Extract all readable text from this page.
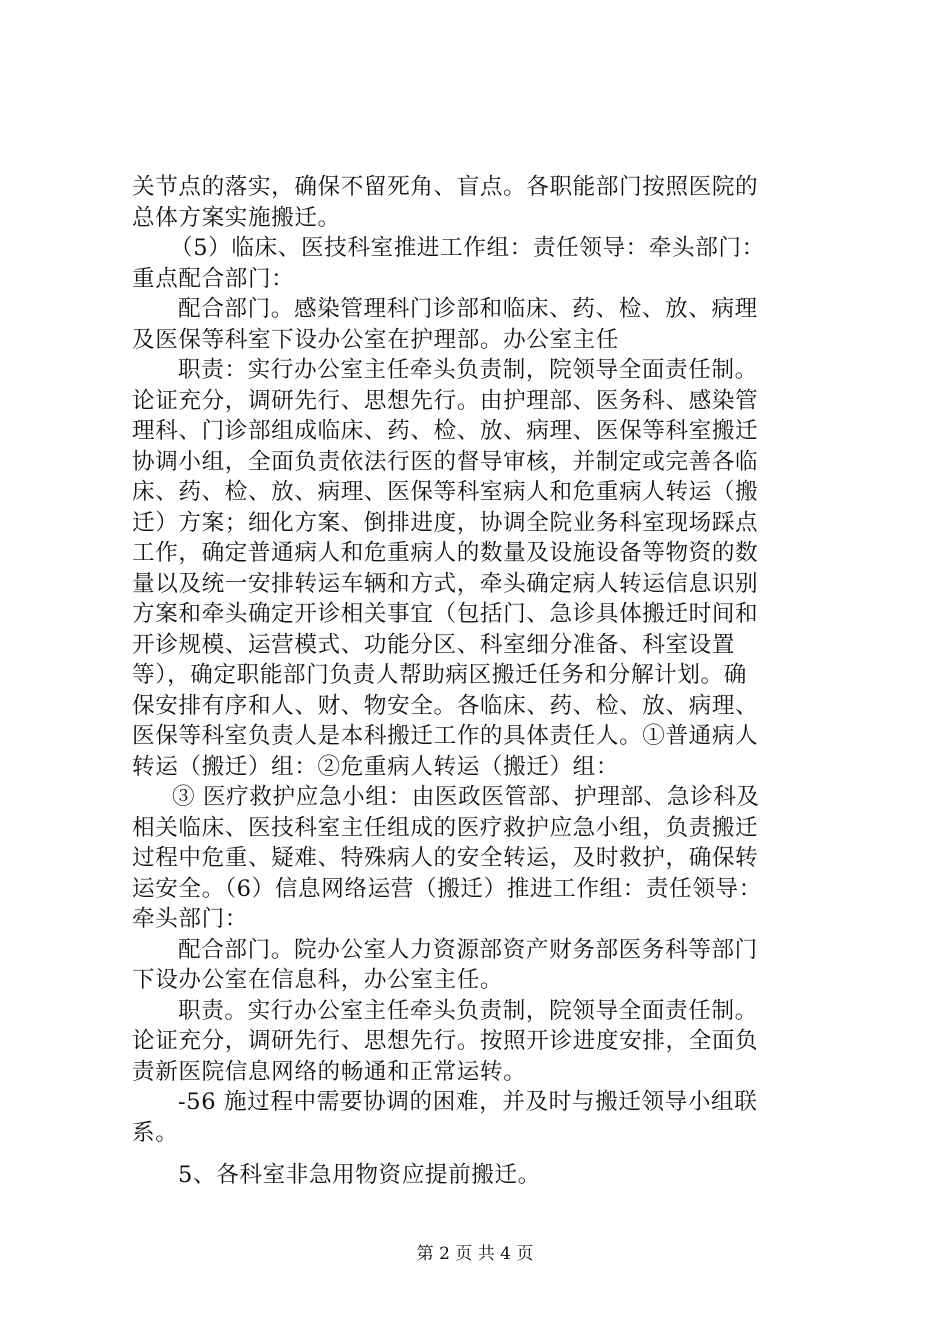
关节点的落实，确保不留死角、盲点。各职能部门按照医院的
总体方案实施搬迁。
（5）临床、医技科室推进工作组：责任领导：牵头部门：
重点配合部门：
配合部门。感染管理科门诊部和临床、药、检、放、病理
及医保等科室下设办公室在护理部。办公室主任
职责：实行办公室主任牵头负责制，院领导全面责任制。
论证充分，调研先行、思想先行。由护理部、医务科、感染管
理科、门诊部组成临床、药、检、放、病理、医保等科室搬迁
协调小组，全面负责依法行医的督导审核，并制定或完善各临
床、药、检、放、病理、医保等科室病人和危重病人转运（搬
迁）方案；细化方案、倒排进度，协调全院业务科室现场踩点
工作，确定普通病人和危重病人的数量及设施设备等物资的数
量以及统一安排转运车辆和方式，牵头确定病人转运信息识别
方案和牵头确定开诊相关事宜（包括门、急诊具体搬迁时间和
开诊规模、运营模式、功能分区、科室细分准备、科室设置
等），确定职能部门负责人帮助病区搬迁任务和分解计划。确
保安排有序和人、财、物安全。各临床、药、检、放、病理、
医保等科室负责人是本科搬迁工作的具体责任人。①普通病人
转运（搬迁）组：②危重病人转运（搬迁）组：
③ 医疗救护应急小组：由医政医管部、护理部、急诊科及
相关临床、医技科室主任组成的医疗救护应急小组，负责搬迁
过程中危重、疑难、特殊病人的安全转运，及时救护，确保转
运安全。（6）信息网络运营（搬迁）推进工作组：责任领导：
牵头部门：
配合部门。院办公室人力资源部资产财务部医务科等部门
下设办公室在信息科，办公室主任。
职责。实行办公室主任牵头负责制，院领导全面责任制。
论证充分，调研先行、思想先行。按照开诊进度安排，全面负
责新医院信息网络的畅通和正常运转。
-56 施过程中需要协调的困难，并及时与搬迁领导小组联
系。
5、各科室非急用物资应提前搬迁。
第 2 页 共 4 页
